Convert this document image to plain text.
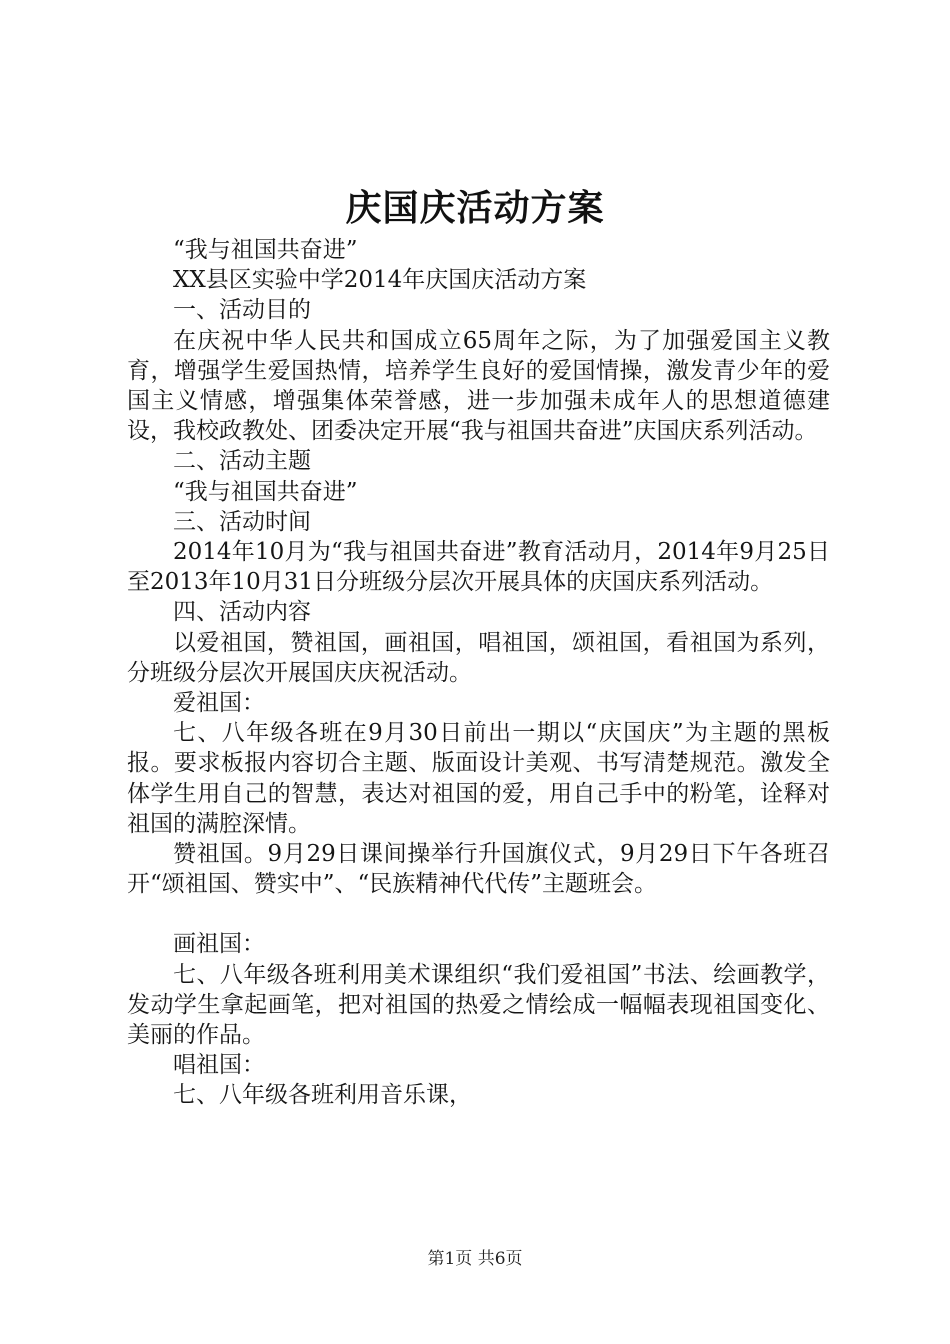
庆国庆活动方案

“我与祖国共奋进”

XX县区实验中学2014年庆国庆活动方案

一、活动目的

在庆祝中华人民共和国成立65周年之际，为了加强爱国主义教育，增强学生爱国热情，培养学生良好的爱国情操，激发青少年的爱国主义情感，增强集体荣誉感，进一步加强未成年人的思想道德建设，我校政教处、团委决定开展“我与祖国共奋进”庆国庆系列活动。

二、活动主题

“我与祖国共奋进”

三、活动时间

2014年10月为“我与祖国共奋进”教育活动月，2014年9月25日至2013年10月31日分班级分层次开展具体的庆国庆系列活动。

四、活动内容

以爱祖国，赞祖国，画祖国，唱祖国，颂祖国，看祖国为系列，分班级分层次开展国庆庆祝活动。

爱祖国：

七、八年级各班在9月30日前出一期以“庆国庆”为主题的黑板报。要求板报内容切合主题、版面设计美观、书写清楚规范。激发全体学生用自己的智慧，表达对祖国的爱，用自己手中的粉笔，诠释对祖国的满腔深情。

赞祖国。9月29日课间操举行升国旗仪式，9月29日下午各班召开“颂祖国、赞实中”、“民族精神代代传”主题班会。

画祖国：

七、八年级各班利用美术课组织“我们爱祖国”书法、绘画教学，发动学生拿起画笔，把对祖国的热爱之情绘成一幅幅表现祖国变化、美丽的作品。

唱祖国：

七、八年级各班利用音乐课，

第1页 共6页
